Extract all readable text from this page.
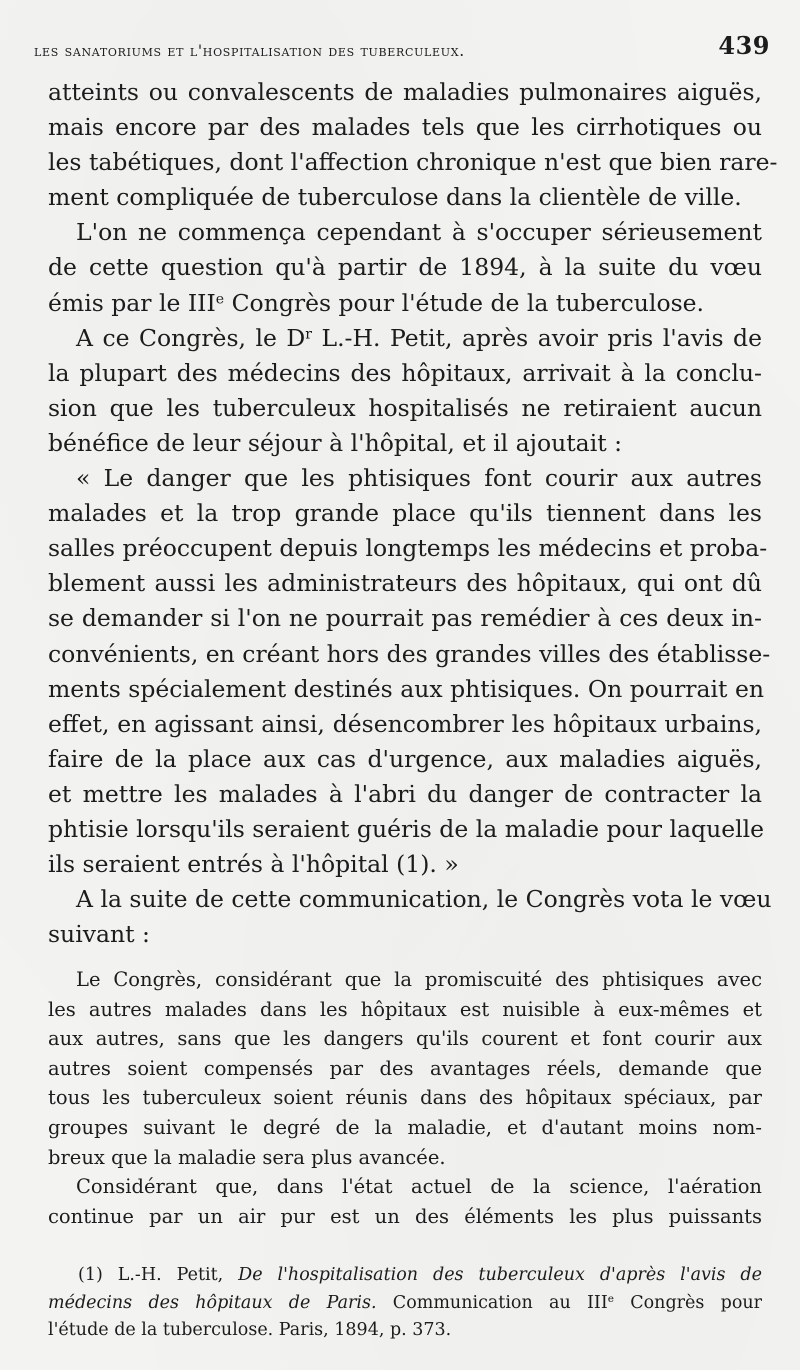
les sanatoriums et l'hospitalisation des tuberculeux.	439
atteints ou convalescents de maladies pulmonaires aiguës,
mais encore par des malades tels que les cirrhotiques ou
les tabétiques, dont l'affection chronique n'est que bien rare-
ment compliquée de tuberculose dans la clientèle de ville.
L'on ne commença cependant à s'occuper sérieusement
de cette question qu'à partir de 1894, à la suite du vœu
émis par le IIIe Congrès pour l'étude de la tuberculose.
A ce Congrès, le $D^r$ L.-H. Petit, après avoir pris l'avis de
la plupart des médecins des hôpitaux, arrivait à la conclu-
sion que les tuberculeux hospitalisés ne retiraient aucun
bénéfice de leur séjour à l'hôpital, et il ajoutait :
« Le danger que les phtisiques font courir aux autres
malades et la trop grande place qu'ils tiennent dans les
salles préoccupent depuis longtemps les médecins et proba-
blement aussi les administrateurs des hôpitaux, qui ont dû
se demander si l'on ne pourrait pas remédier à ces deux in-
convénients, en créant hors des grandes villes des établisse-
ments spécialement destinés aux phtisiques. On pourrait en
effet, en agissant ainsi, désencombrer les hôpitaux urbains,
faire de la place aux cas d'urgence, aux maladies aiguës,
et mettre les malades à l'abri du danger de contracter la
phtisie lorsqu'ils seraient guéris de la maladie pour laquelle
ils seraient entrés à l'hôpital (1). »
A la suite de cette communication, le Congrès vota le vœu
suivant :
Le Congrès, considérant que la promiscuité des phtisiques avec
les autres malades dans les hôpitaux est nuisible à eux-mêmes et
aux autres, sans que les dangers qu'ils courent et font courir aux
autres soient compensés par des avantages réels, demande que
tous les tuberculeux soient réunis dans des hôpitaux spéciaux, par
groupes suivant le degré de la maladie, et d'autant moins nom-
breux que la maladie sera plus avancée.
Considérant que, dans l'état actuel de la science, l'aération
continue par un air pur est un des éléments les plus puissants
(1) L.-H. Petit, De l'hospitalisation des tuberculeux d'après l'avis de
médecins des hôpitaux de Paris. Communication au IIIe Congrès pour
l'étude de la tuberculose. Paris, 1894, p. 373.
